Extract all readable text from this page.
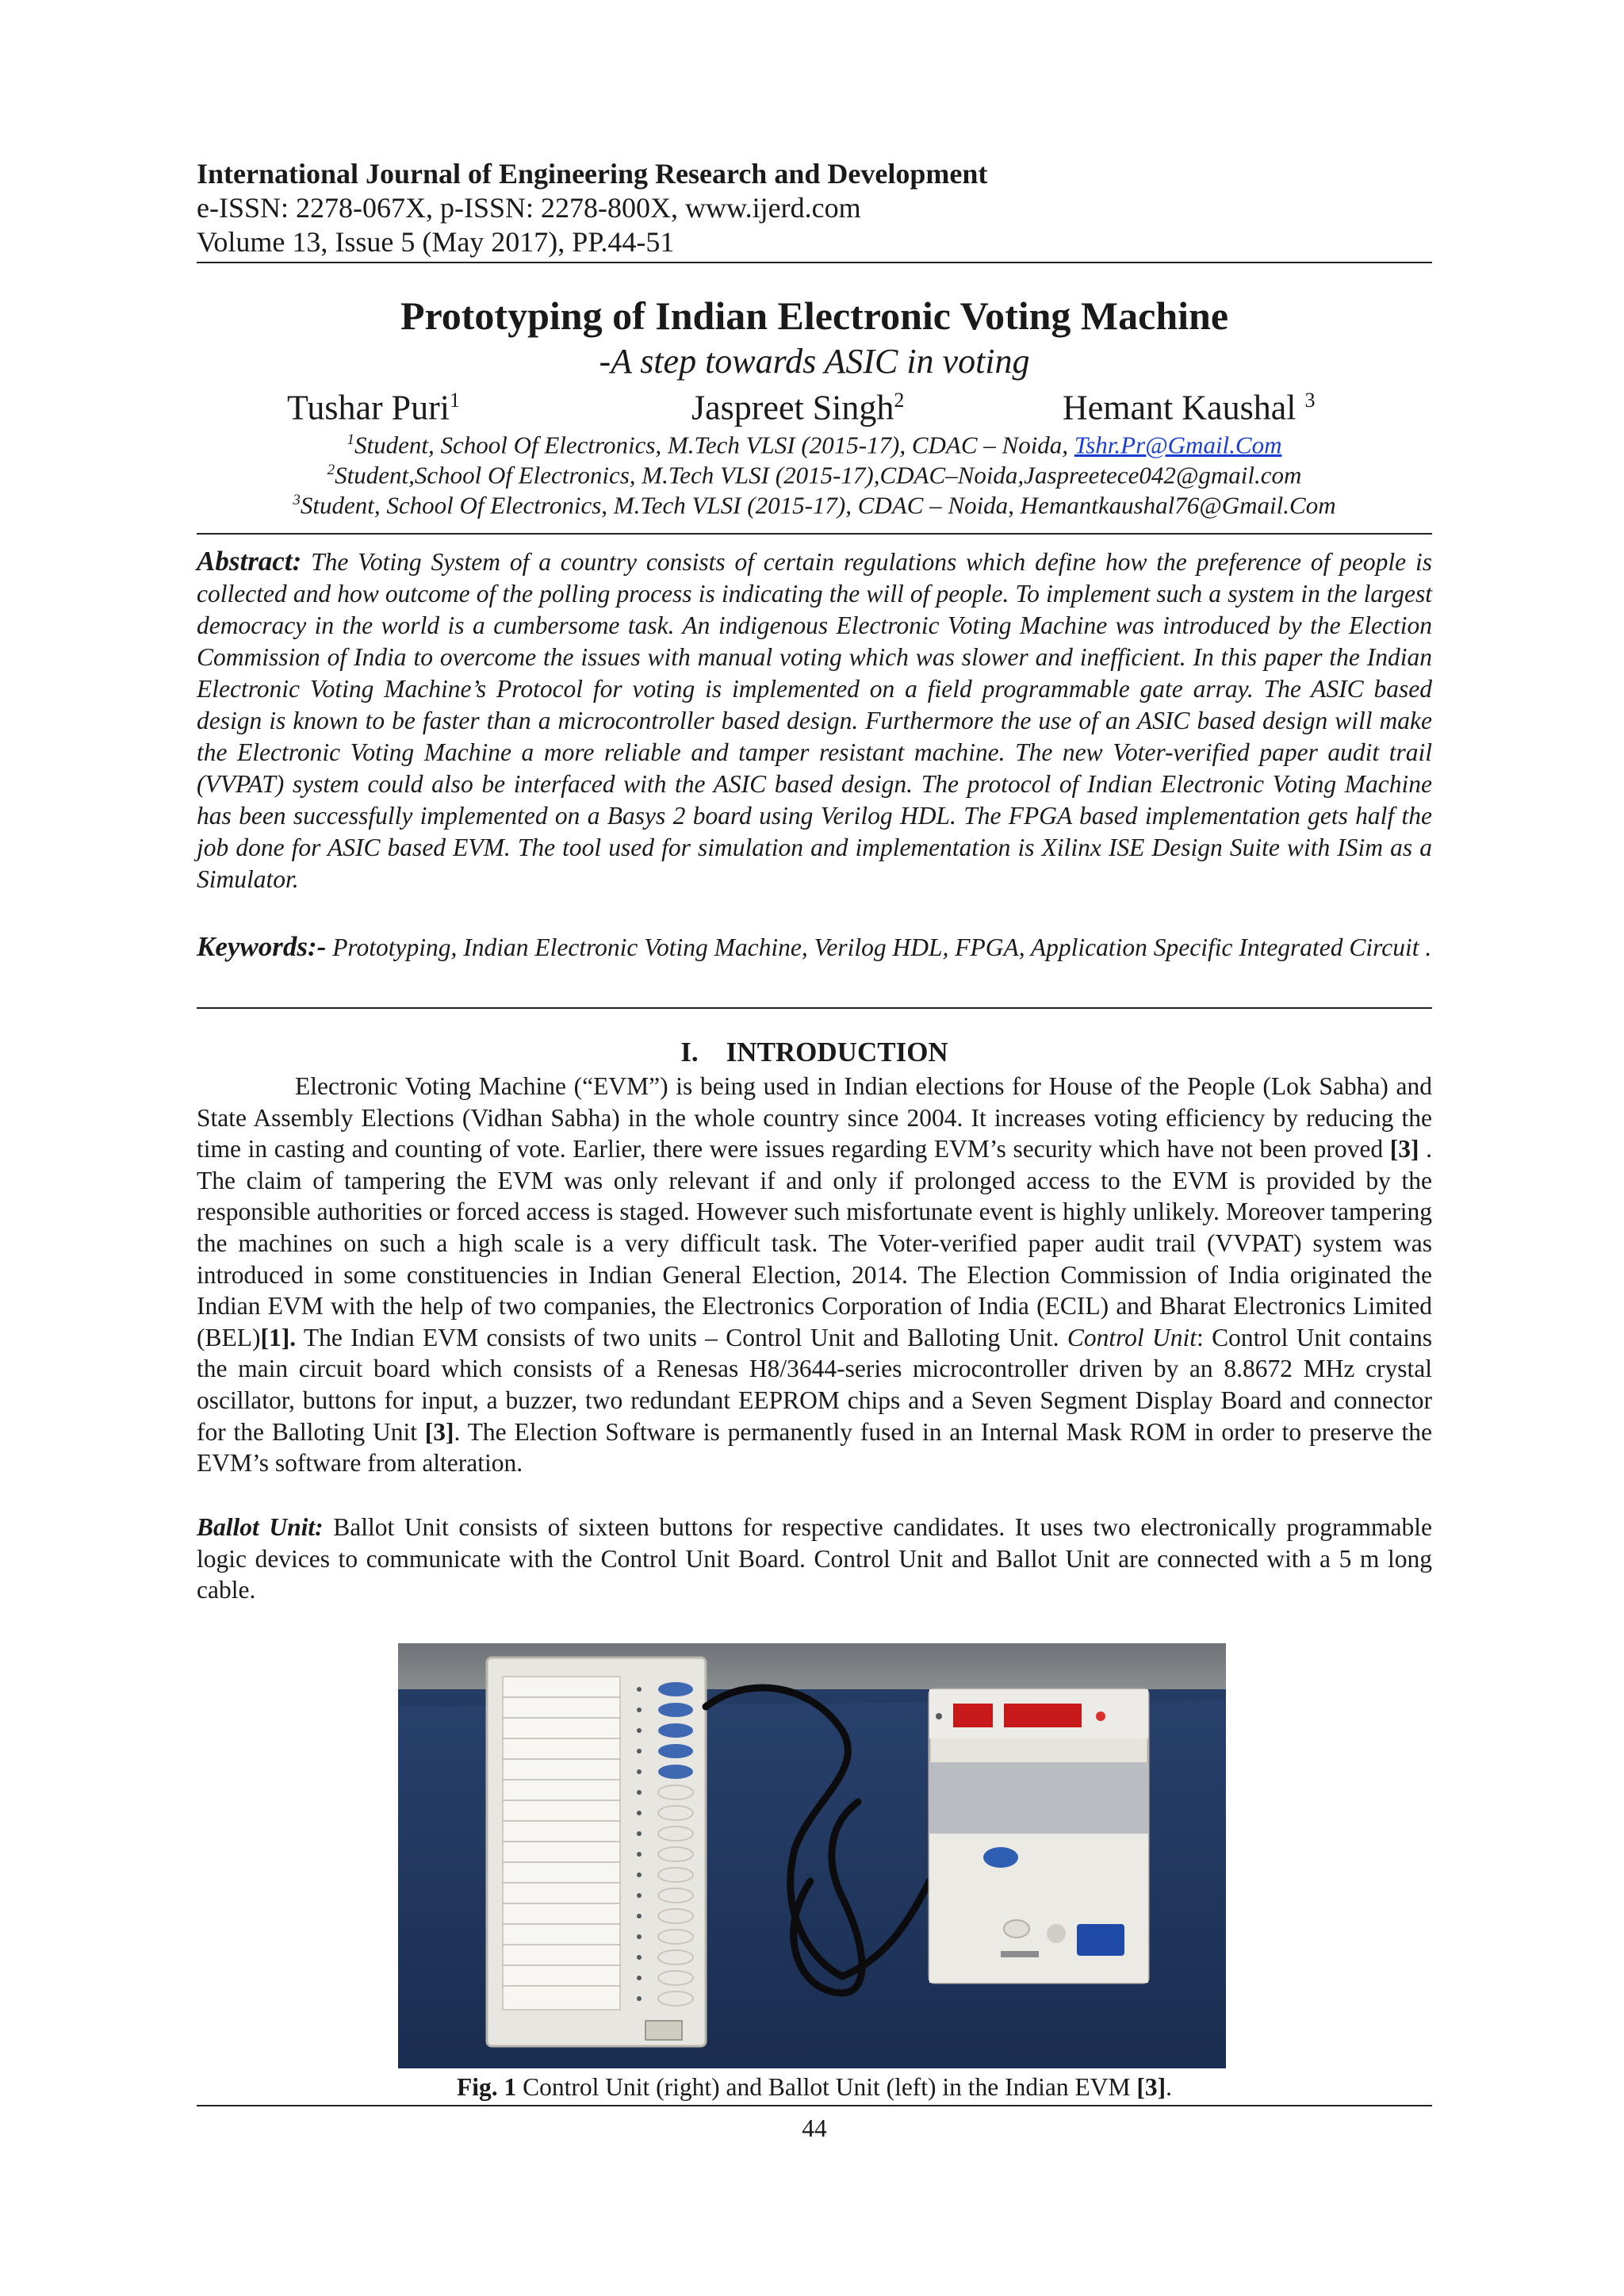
International Journal of Engineering Research and Development
e-ISSN: 2278-067X, p-ISSN: 2278-800X, www.ijerd.com
Volume 13, Issue 5 (May 2017), PP.44-51
Prototyping of Indian Electronic Voting Machine
-A step towards ASIC in voting
Tushar Puri$^1$	Jaspreet Singh$^2$	Hemant Kaushal $^3$
$^1$Student, School Of Electronics, M.Tech VLSI (2015-17), CDAC – Noida, Tshr.Pr@Gmail.Com
$^2$Student,School Of Electronics, M.Tech VLSI (2015-17),CDAC–Noida,Jaspreetece042@gmail.com
$^3$Student, School Of Electronics, M.Tech VLSI (2015-17), CDAC – Noida, Hemantkaushal76@Gmail.Com
Abstract: The Voting System of a country consists of certain regulations which define how the preference of people is collected and how outcome of the polling process is indicating the will of people. To implement such a system in the largest democracy in the world is a cumbersome task. An indigenous Electronic Voting Machine was introduced by the Election Commission of India to overcome the issues with manual voting which was slower and inefficient. In this paper the Indian Electronic Voting Machine’s Protocol for voting is implemented on a field programmable gate array. The ASIC based design is known to be faster than a microcontroller based design. Furthermore the use of an ASIC based design will make the Electronic Voting Machine a more reliable and tamper resistant machine. The new Voter-verified paper audit trail (VVPAT) system could also be interfaced with the ASIC based design. The protocol of Indian Electronic Voting Machine has been successfully implemented on a Basys 2 board using Verilog HDL. The FPGA based implementation gets half the job done for ASIC based EVM. The tool used for simulation and implementation is Xilinx ISE Design Suite with ISim as a Simulator.
Keywords:- Prototyping, Indian Electronic Voting Machine, Verilog HDL, FPGA, Application Specific Integrated Circuit .
I. INTRODUCTION
Electronic Voting Machine (“EVM”) is being used in Indian elections for House of the People (Lok Sabha) and State Assembly Elections (Vidhan Sabha) in the whole country since 2004. It increases voting efficiency by reducing the time in casting and counting of vote. Earlier, there were issues regarding EVM’s security which have not been proved [3] . The claim of tampering the EVM was only relevant if and only if prolonged access to the EVM is provided by the responsible authorities or forced access is staged. However such misfortunate event is highly unlikely. Moreover tampering the machines on such a high scale is a very difficult task. The Voter-verified paper audit trail (VVPAT) system was introduced in some constituencies in Indian General Election, 2014. The Election Commission of India originated the Indian EVM with the help of two companies, the Electronics Corporation of India (ECIL) and Bharat Electronics Limited (BEL)[1]. The Indian EVM consists of two units – Control Unit and Balloting Unit. Control Unit: Control Unit contains the main circuit board which consists of a Renesas H8/3644-series microcontroller driven by an 8.8672 MHz crystal oscillator, buttons for input, a buzzer, two redundant EEPROM chips and a Seven Segment Display Board and connector for the Balloting Unit [3]. The Election Software is permanently fused in an Internal Mask ROM in order to preserve the EVM’s software from alteration.
Ballot Unit: Ballot Unit consists of sixteen buttons for respective candidates. It uses two electronically programmable logic devices to communicate with the Control Unit Board. Control Unit and Ballot Unit are connected with a 5 m long cable.
Fig. 1 Control Unit (right) and Ballot Unit (left) in the Indian EVM [3].
44
